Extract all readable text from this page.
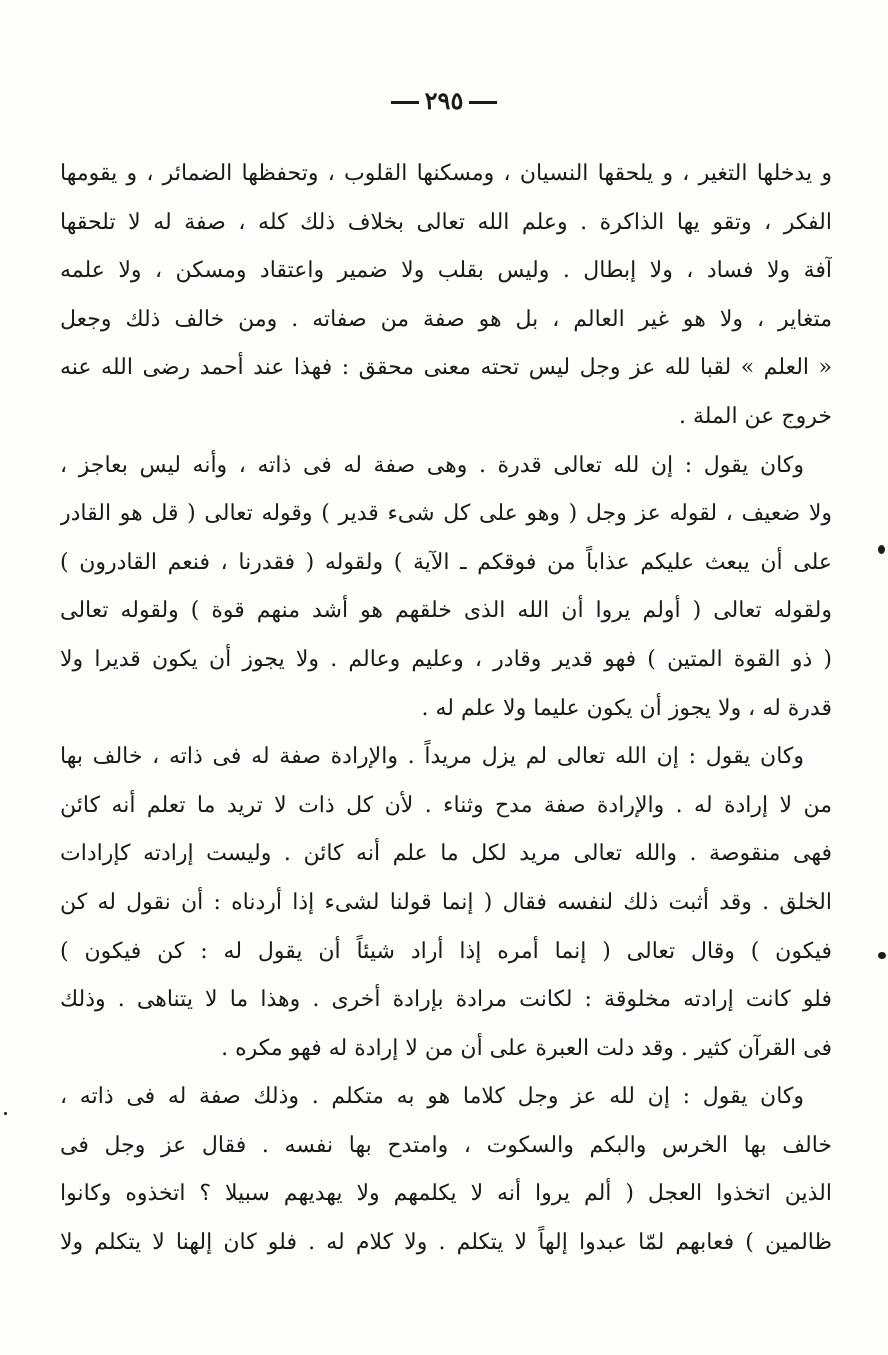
٢٩٥
و يدخلها التغير ، و يلحقها النسيان ، ومسكنها القلوب ، وتحفظها الضمائر ، و يقومها
الفكر ، وتقو يها الذاكرة . وعلم الله تعالى بخلاف ذلك كله ، صفة له لا تلحقها
آفة ولا فساد ، ولا إبطال . وليس بقلب ولا ضمير واعتقاد ومسكن ، ولا علمه
متغاير ، ولا هو غير العالم ، بل هو صفة من صفاته . ومن خالف ذلك وجعل
« العلم » لقبا لله عز وجل ليس تحته معنى محقق : فهذا عند أحمد رضى الله عنه
خروج عن الملة .
وكان يقول : إن لله تعالى قدرة . وهى صفة له فى ذاته ، وأنه ليس بعاجز ،
ولا ضعيف ، لقوله عز وجل ( وهو على كل شىء قدير ) وقوله تعالى ( قل هو القادر
على أن يبعث عليكم عذاباً من فوقكم ـ الآية ) ولقوله ( فقدرنا ، فنعم القادرون )
ولقوله تعالى ( أولم يروا أن الله الذى خلقهم هو أشد منهم قوة ) ولقوله تعالى
( ذو القوة المتين ) فهو قدير وقادر ، وعليم وعالم . ولا يجوز أن يكون قديرا ولا
قدرة له ، ولا يجوز أن يكون عليما ولا علم له .
وكان يقول : إن الله تعالى لم يزل مريداً . والإرادة صفة له فى ذاته ، خالف بها
من لا إرادة له . والإرادة صفة مدح وثناء . لأن كل ذات لا تريد ما تعلم أنه كائن
فهى منقوصة . والله تعالى مريد لكل ما علم أنه كائن . وليست إرادته كإرادات
الخلق . وقد أثبت ذلك لنفسه فقال ( إنما قولنا لشىء إذا أردناه : أن نقول له كن
فيكون ) وقال تعالى ( إنما أمره إذا أراد شيئاً أن يقول له : كن فيكون )
فلو كانت إرادته مخلوقة : لكانت مرادة بإرادة أخرى . وهذا ما لا يتناهى . وذلك
فى القرآن كثير . وقد دلت العبرة على أن من لا إرادة له فهو مكره .
وكان يقول : إن لله عز وجل كلاما هو به متكلم . وذلك صفة له فى ذاته ،
خالف بها الخرس والبكم والسكوت ، وامتدح بها نفسه . فقال عز وجل فى
الذين اتخذوا العجل ( ألم يروا أنه لا يكلمهم ولا يهديهم سبيلا ؟ اتخذوه وكانوا
ظالمين ) فعابهم لمّا عبدوا إلهاً لا يتكلم . ولا كلام له . فلو كان إلهنا لا يتكلم ولا
